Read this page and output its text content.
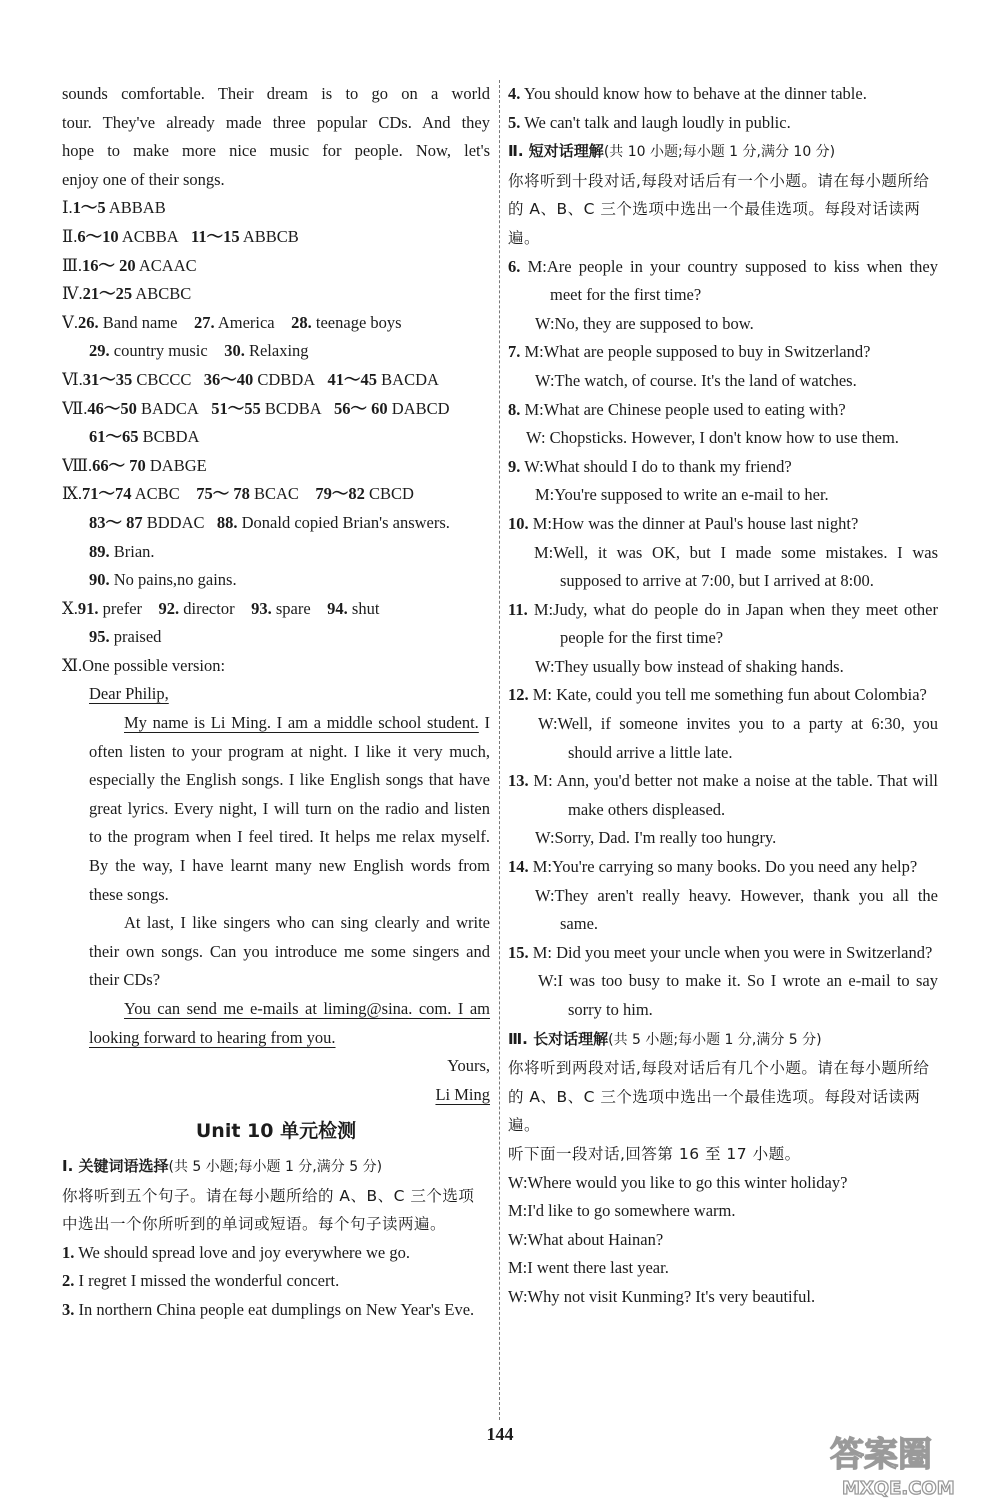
sounds comfortable. Their dream is to go on a world
tour. They've already made three popular CDs. And they
hope to make more nice music for people. Now, let's
enjoy one of their songs.
Ⅰ.1～5 ABBAB
Ⅱ.6～10 ACBBA 11～15 ABBCB
Ⅲ.16～ 20 ACAAC
Ⅳ.21～25 ABCBC
Ⅴ.26. Band name 27. America 28. teenage boys
29. country music 30. Relaxing
Ⅵ.31～35 CBCCC 36～40 CDBDA 41～45 BACDA
Ⅶ.46～50 BADCA 51～55 BCDBA 56～ 60 DABCD
61～65 BCBDA
Ⅷ.66～ 70 DABGE
Ⅸ.71～74 ACBC 75～ 78 BCAC 79～82 CBCD
83～ 87 BDDAC 88. Donald copied Brian's answers.
89. Brian.
90. No pains,no gains.
Ⅹ.91. prefer 92. director 93. spare 94. shut
95. praised
Ⅺ.One possible version:
Dear Philip,
My name is Li Ming. I am a middle school student. I often listen to your program at night. I like it very much, especially the English songs. I like English songs that have great lyrics. Every night, I will turn on the radio and listen to the program when I feel tired. It helps me relax myself. By the way, I have learnt many new English words from these songs.
At last, I like singers who can sing clearly and write their own songs. Can you introduce me some singers and their CDs?
You can send me e-mails at liming@sina. com. I am looking forward to hearing from you.
Yours,
Li Ming
Unit 10 单元检测
Ⅰ. 关键词语选择(共 5 小题;每小题 1 分,满分 5 分)
你将听到五个句子。请在每小题所给的 A、B、C 三个选项中选出一个你所听到的单词或短语。每个句子读两遍。
1. We should spread love and joy everywhere we go.
2. I regret I missed the wonderful concert.
3. In northern China people eat dumplings on New Year's Eve.
4. You should know how to behave at the dinner table.
5. We can't talk and laugh loudly in public.
Ⅱ. 短对话理解(共 10 小题;每小题 1 分,满分 10 分)
你将听到十段对话,每段对话后有一个小题。请在每小题所给的 A、B、C 三个选项中选出一个最佳选项。每段对话读两遍。
6. M:Are people in your country supposed to kiss when they meet for the first time?
W:No, they are supposed to bow.
7. M:What are people supposed to buy in Switzerland?
W:The watch, of course. It's the land of watches.
8. M:What are Chinese people used to eating with?
W: Chopsticks. However, I don't know how to use them.
9. W:What should I do to thank my friend?
M:You're supposed to write an e-mail to her.
10. M:How was the dinner at Paul's house last night?
M:Well, it was OK, but I made some mistakes. I was supposed to arrive at 7:00, but I arrived at 8:00.
11. M:Judy, what do people do in Japan when they meet other people for the first time?
W:They usually bow instead of shaking hands.
12. M: Kate, could you tell me something fun about Colombia?
W:Well, if someone invites you to a party at 6:30, you should arrive a little late.
13. M: Ann, you'd better not make a noise at the table. That will make others displeased.
W:Sorry, Dad. I'm really too hungry.
14. M:You're carrying so many books. Do you need any help?
W:They aren't really heavy. However, thank you all the same.
15. M: Did you meet your uncle when you were in Switzerland?
W:I was too busy to make it. So I wrote an e-mail to say sorry to him.
Ⅲ. 长对话理解(共 5 小题;每小题 1 分,满分 5 分)
你将听到两段对话,每段对话后有几个小题。请在每小题所给的 A、B、C 三个选项中选出一个最佳选项。每段对话读两遍。
听下面一段对话,回答第 16 至 17 小题。
W:Where would you like to go this winter holiday?
M:I'd like to go somewhere warm.
W:What about Hainan?
M:I went there last year.
W:Why not visit Kunming? It's very beautiful.
144
答案圈
MXQE.COM
